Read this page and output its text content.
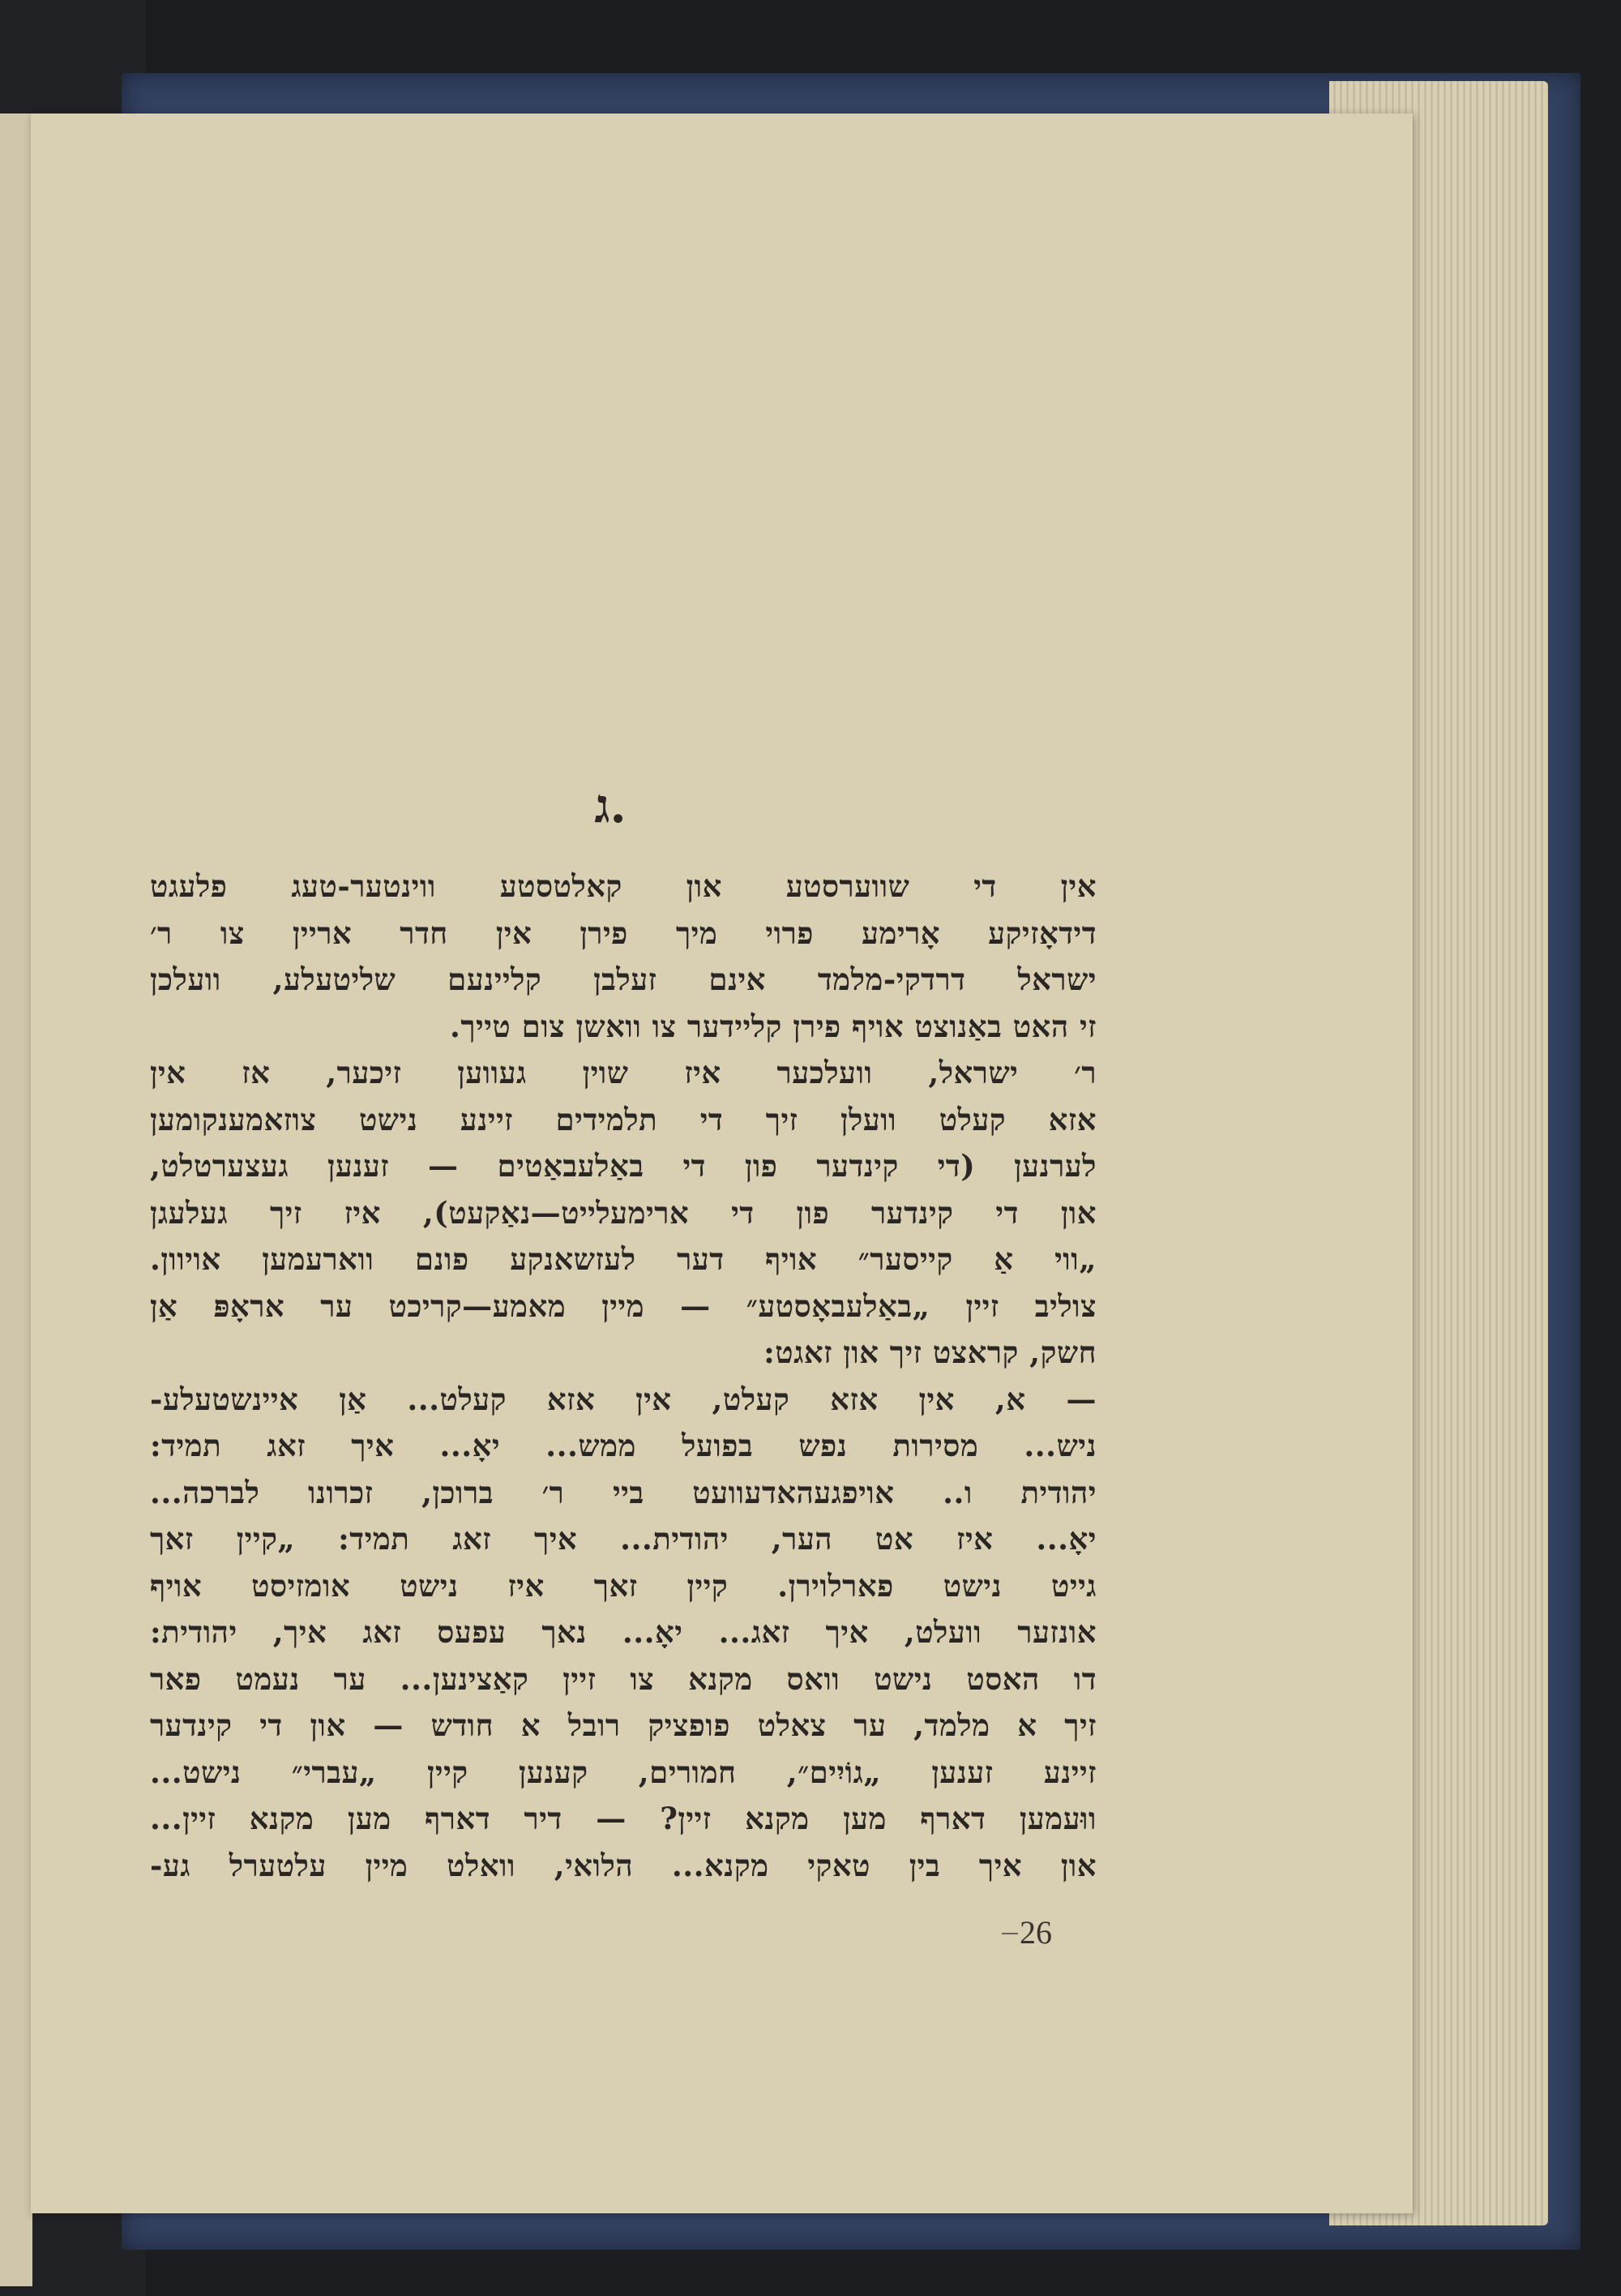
ג.

אין די שווערסטע און קאלטסטע ווינטער-טעג פלעגט

דידאָזיקע אָרימע פרוי מיך פירן אין חדר אריין צו ר׳

ישראל דרדקי-מלמד אינם זעלבן קליינעם שליטעלע, וועלכן

זי האט באַנוצט אויף פירן קליידער צו וואשן צום טייך.

ר׳ ישראל, וועלכער איז שוין געווען זיכער, אז אין

אזא קעלט וועלן זיך די תלמידים זיינע נישט צוזאמענקומען

לערנען (די קינדער פון די באַלעבאַטים — זענען געצערטלט,

און די קינדער פון די ארימעלייט—נאַקעט), איז זיך געלעגן

„ווי אַ קייסער״ אויף דער לעזשאנקע פונם ווארעמען אויוון.

צוליב זיין „באַלעבאָסטע״ — מיין מאמע—קריכט ער אראָפּ אַן

חשק, קראצט זיך און זאגט:

— א, אין אזא קעלט, אין אזא קעלט... אַן איינשטעלע-

ניש... מסירות נפש בפועל ממש... יאָ... איך זאג תמיד:

יהודית ו.. אויפגעהאדעוועט ביי ר׳ ברוכן, זכרונו לברכה...

יאָ... איז אט הער, יהודית... איך זאג תמיד: „קיין זאך

גייט נישט פארלוירן. קיין זאך איז נישט אומזיסט אויף

אונזער וועלט, איך זאג... יאָ... נאך עפעס זאג איך, יהודית:

דו האסט נישט וואס מקנא צו זיין קאַצינען... ער נעמט פאר

זיך א מלמד, ער צאלט פופציק רובל א חודש — און די קינדער

זיינע זענען „גוֹיִים״, חמורים, קענען קיין „עברי״ נישט...

ווּעמען דארף מען מקנא זיין? — דיר דארף מען מקנא זיין...

און איך בין טאקי מקנא... הלואי, וואלט מיין עלטערל גע-

26
